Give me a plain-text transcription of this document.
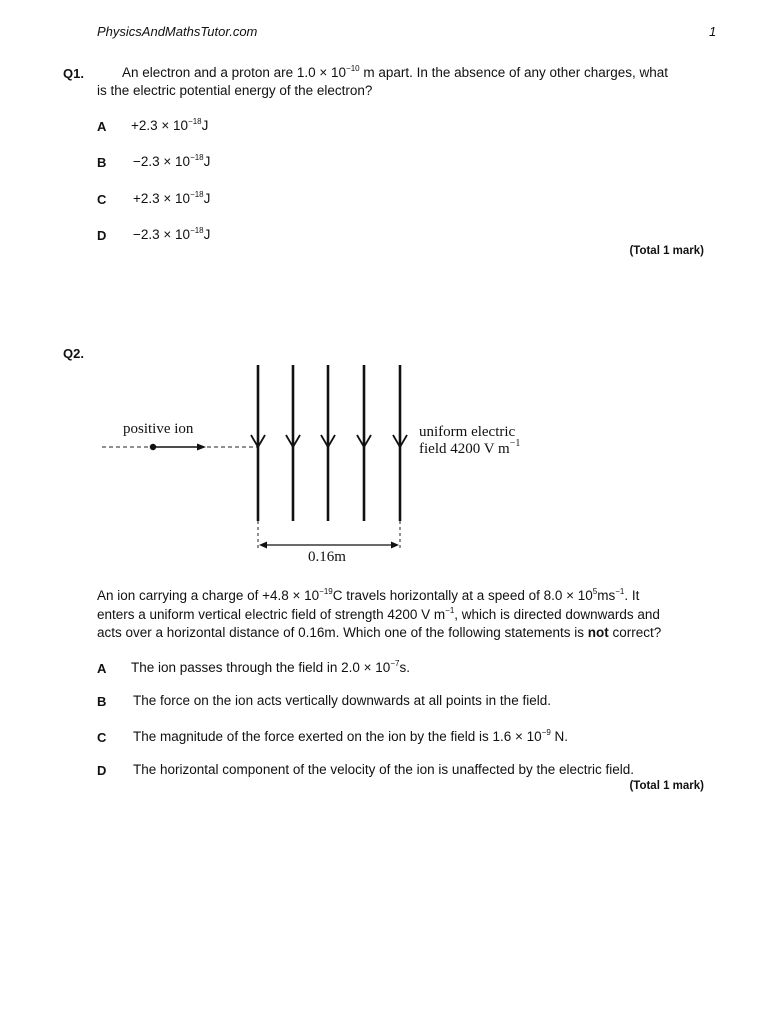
PhysicsAndMathsTutor.com	1
Q1.	An electron and a proton are $1.0 \times 10^{-10}$ m apart. In the absence of any other charges, what
is the electric potential energy of the electron?
$A +2.3 \times 10^{-18}J$
$B -2.3 \times 10^{-18}J$
$C +2.3 \times 10^{-18}J$
$D -2.3 \times 10^{-18}J$
(Total 1 mark)
Q2.
positive ion	uniform electric
field 4200 V $m^{-1}$
0.16m
An ion carrying a charge of $+4.8 \times 10^{-19}C$ travels horizontally at a speed of $8.0 \times 10^5ms^{-1}$. It
enters a uniform vertical electric field of strength 4200 V $m^{-1}$, which is directed downwards and
acts over a horizontal distance of 0.16m. Which one of the following statements is not correct?
A The ion passes through the field in $2.0 \times 10^{-7}s$.
B The force on the ion acts vertically downwards at all points in the field.
C The magnitude of the force exerted on the ion by the field is $1.6 \times 10^{-9}$ N.
D The horizontal component of the velocity of the ion is unaffected by the electric field.
(Total 1 mark)
